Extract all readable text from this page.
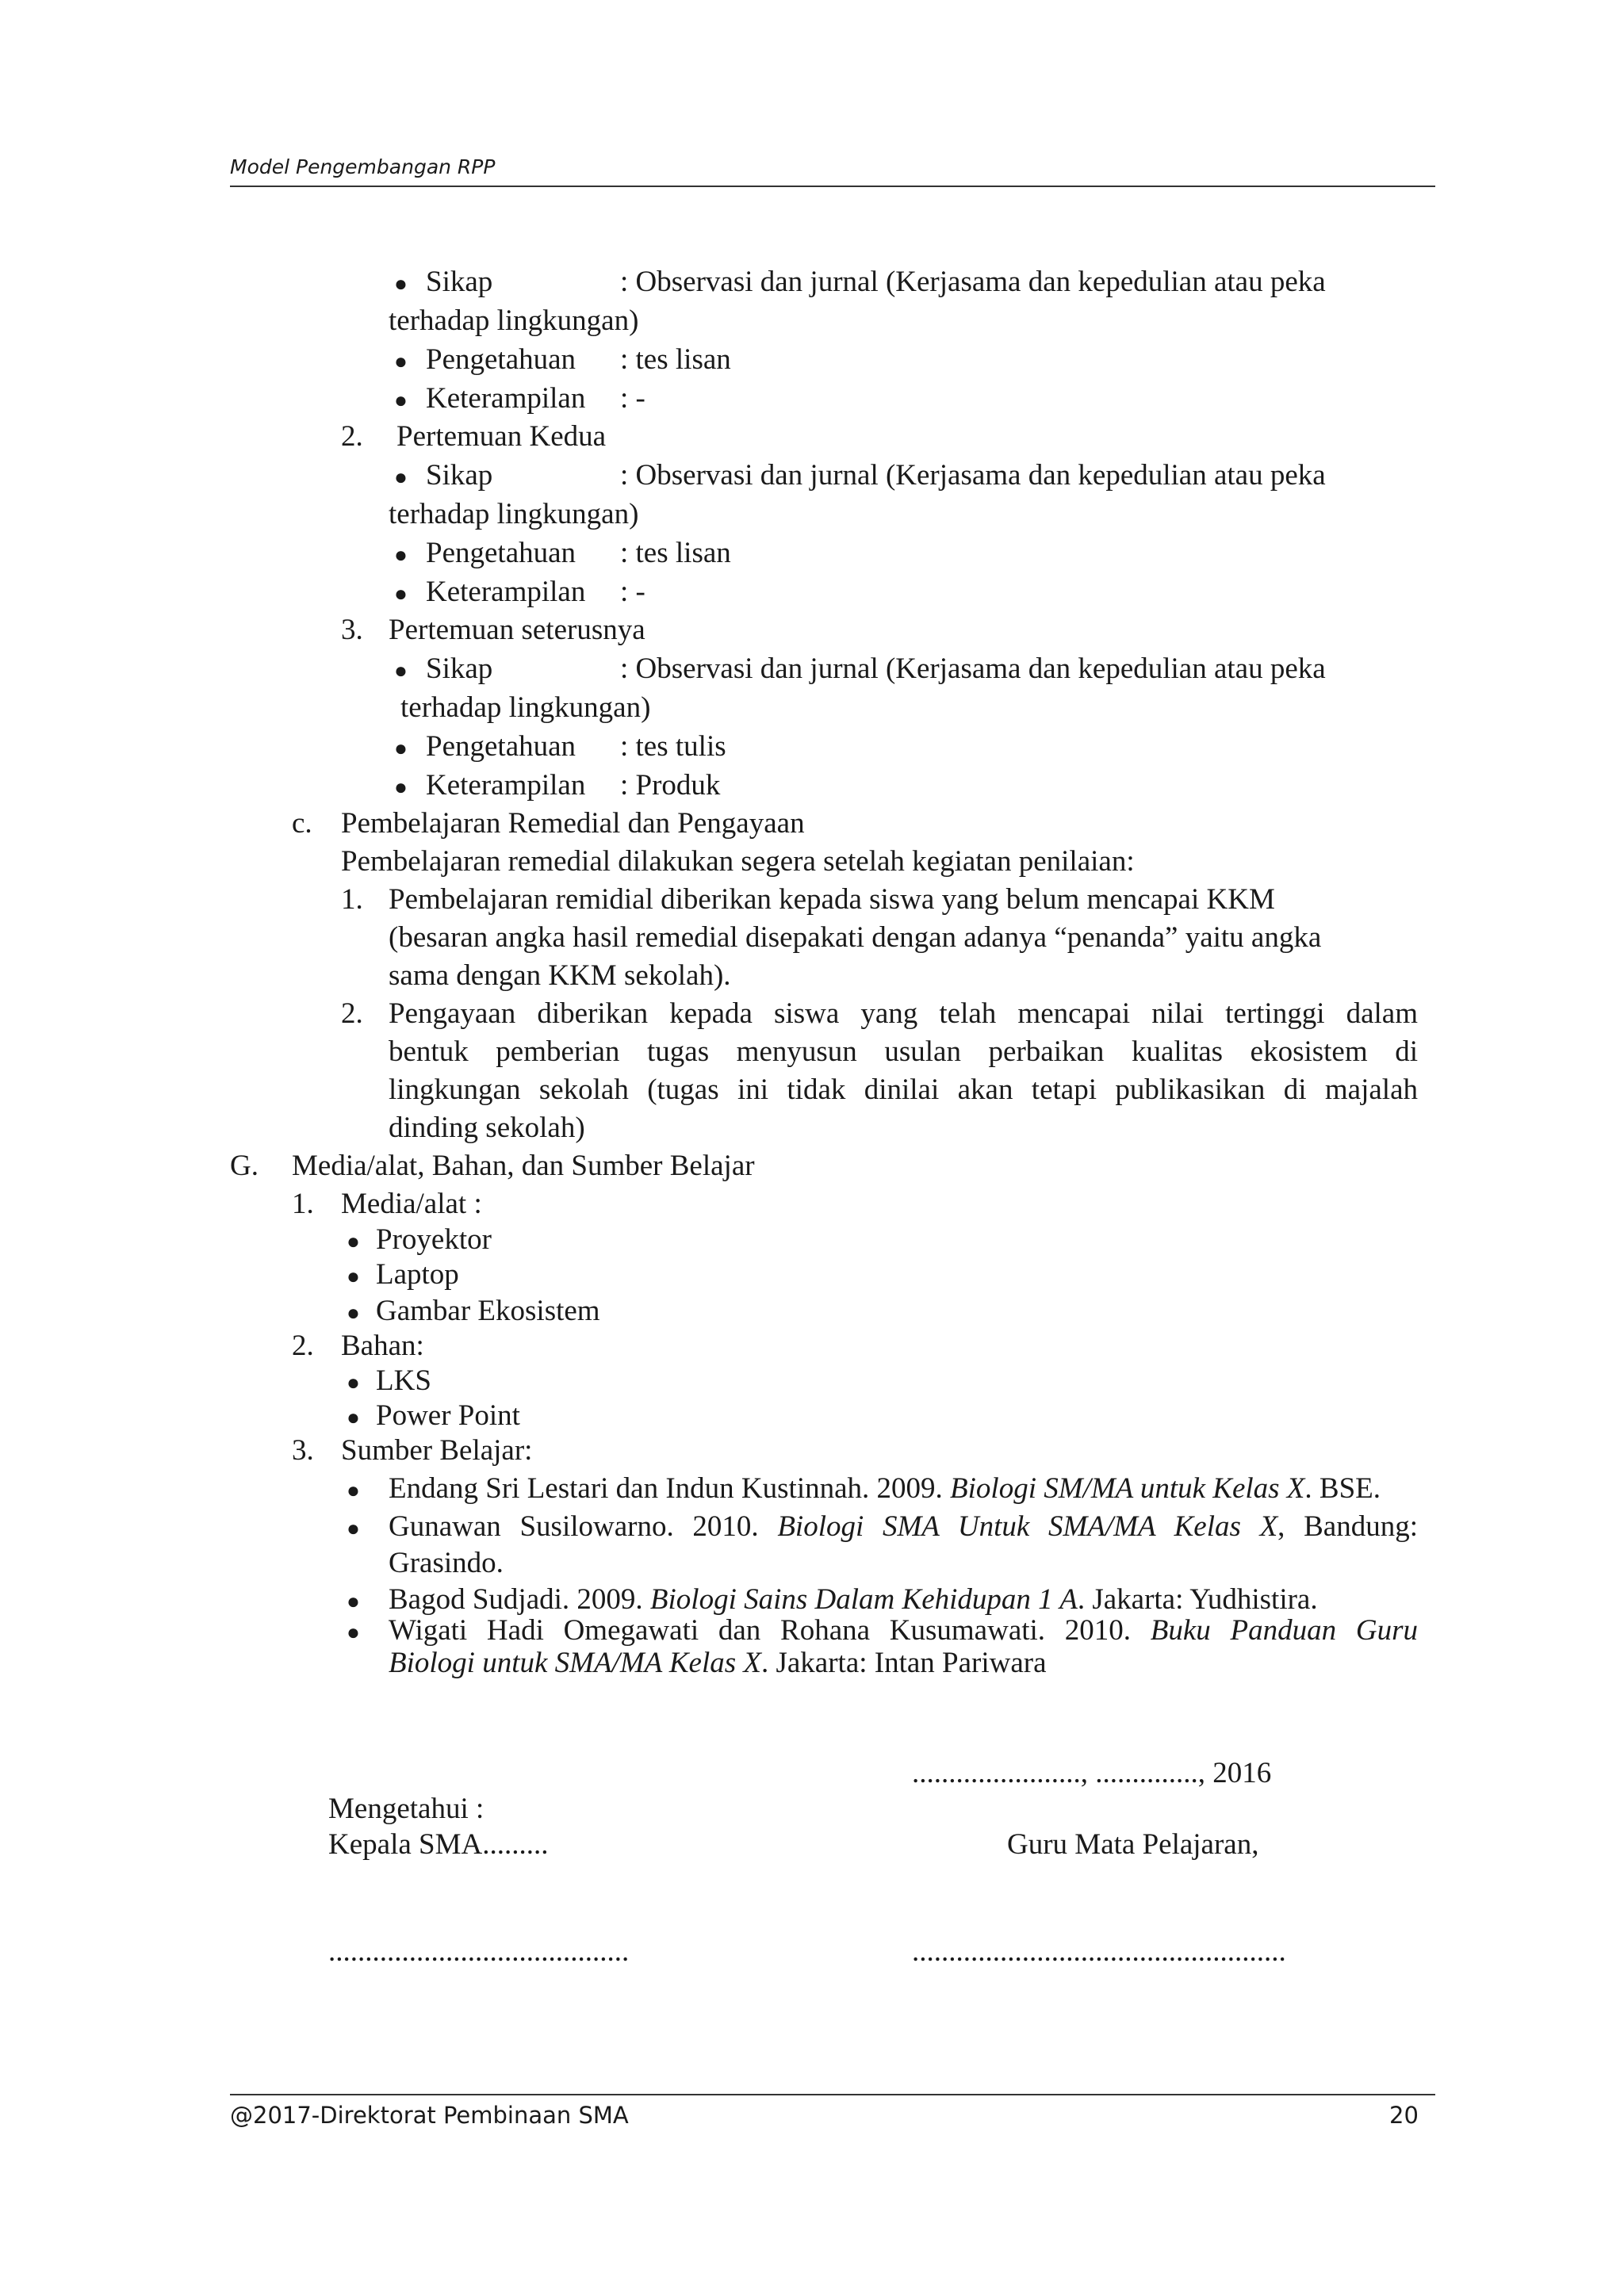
Model Pengembangan RPP
● Sikap	: Observasi dan jurnal (Kerjasama dan kepedulian atau peka
terhadap lingkungan)
● Pengetahuan : tes lisan
● Keterampilan : -
2. Pertemuan Kedua
● Sikap	: Observasi dan jurnal (Kerjasama dan kepedulian atau peka
terhadap lingkungan)
● Pengetahuan : tes lisan
● Keterampilan : -
3. Pertemuan seterusnya
● Sikap	: Observasi dan jurnal (Kerjasama dan kepedulian atau peka
terhadap lingkungan)
● Pengetahuan : tes tulis
● Keterampilan : Produk
c. Pembelajaran Remedial dan Pengayaan
Pembelajaran remedial dilakukan segera setelah kegiatan penilaian:
1. Pembelajaran remidial diberikan kepada siswa yang belum mencapai KKM
(besaran angka hasil remedial disepakati dengan adanya “penanda” yaitu angka
sama dengan KKM sekolah).
2. Pengayaan diberikan kepada siswa yang telah mencapai nilai tertinggi dalam
bentuk pemberian tugas menyusun usulan perbaikan kualitas ekosistem di
lingkungan sekolah (tugas ini tidak dinilai akan tetapi publikasikan di majalah
dinding sekolah)
G. Media/alat, Bahan, dan Sumber Belajar
1. Media/alat :
● Proyektor
● Laptop
● Gambar Ekosistem
2. Bahan:
● LKS
● Power Point
3. Sumber Belajar:
● Endang Sri Lestari dan Indun Kustinnah. 2009. Biologi SM/MA untuk Kelas X. BSE.
● Gunawan Susilowarno. 2010. Biologi SMA Untuk SMA/MA Kelas X, Bandung:
Grasindo.
● Bagod Sudjadi. 2009. Biologi Sains Dalam Kehidupan 1 A. Jakarta: Yudhistira.
● Wigati Hadi Omegawati dan Rohana Kusumawati. 2010. Buku Panduan Guru
Biologi untuk SMA/MA Kelas X. Jakarta: Intan Pariwara
......................., .............., 2016
Mengetahui :
Kepala SMA.........	Guru Mata Pelajaran,
.........................................	...................................................
@2017-Direktorat Pembinaan SMA	20
